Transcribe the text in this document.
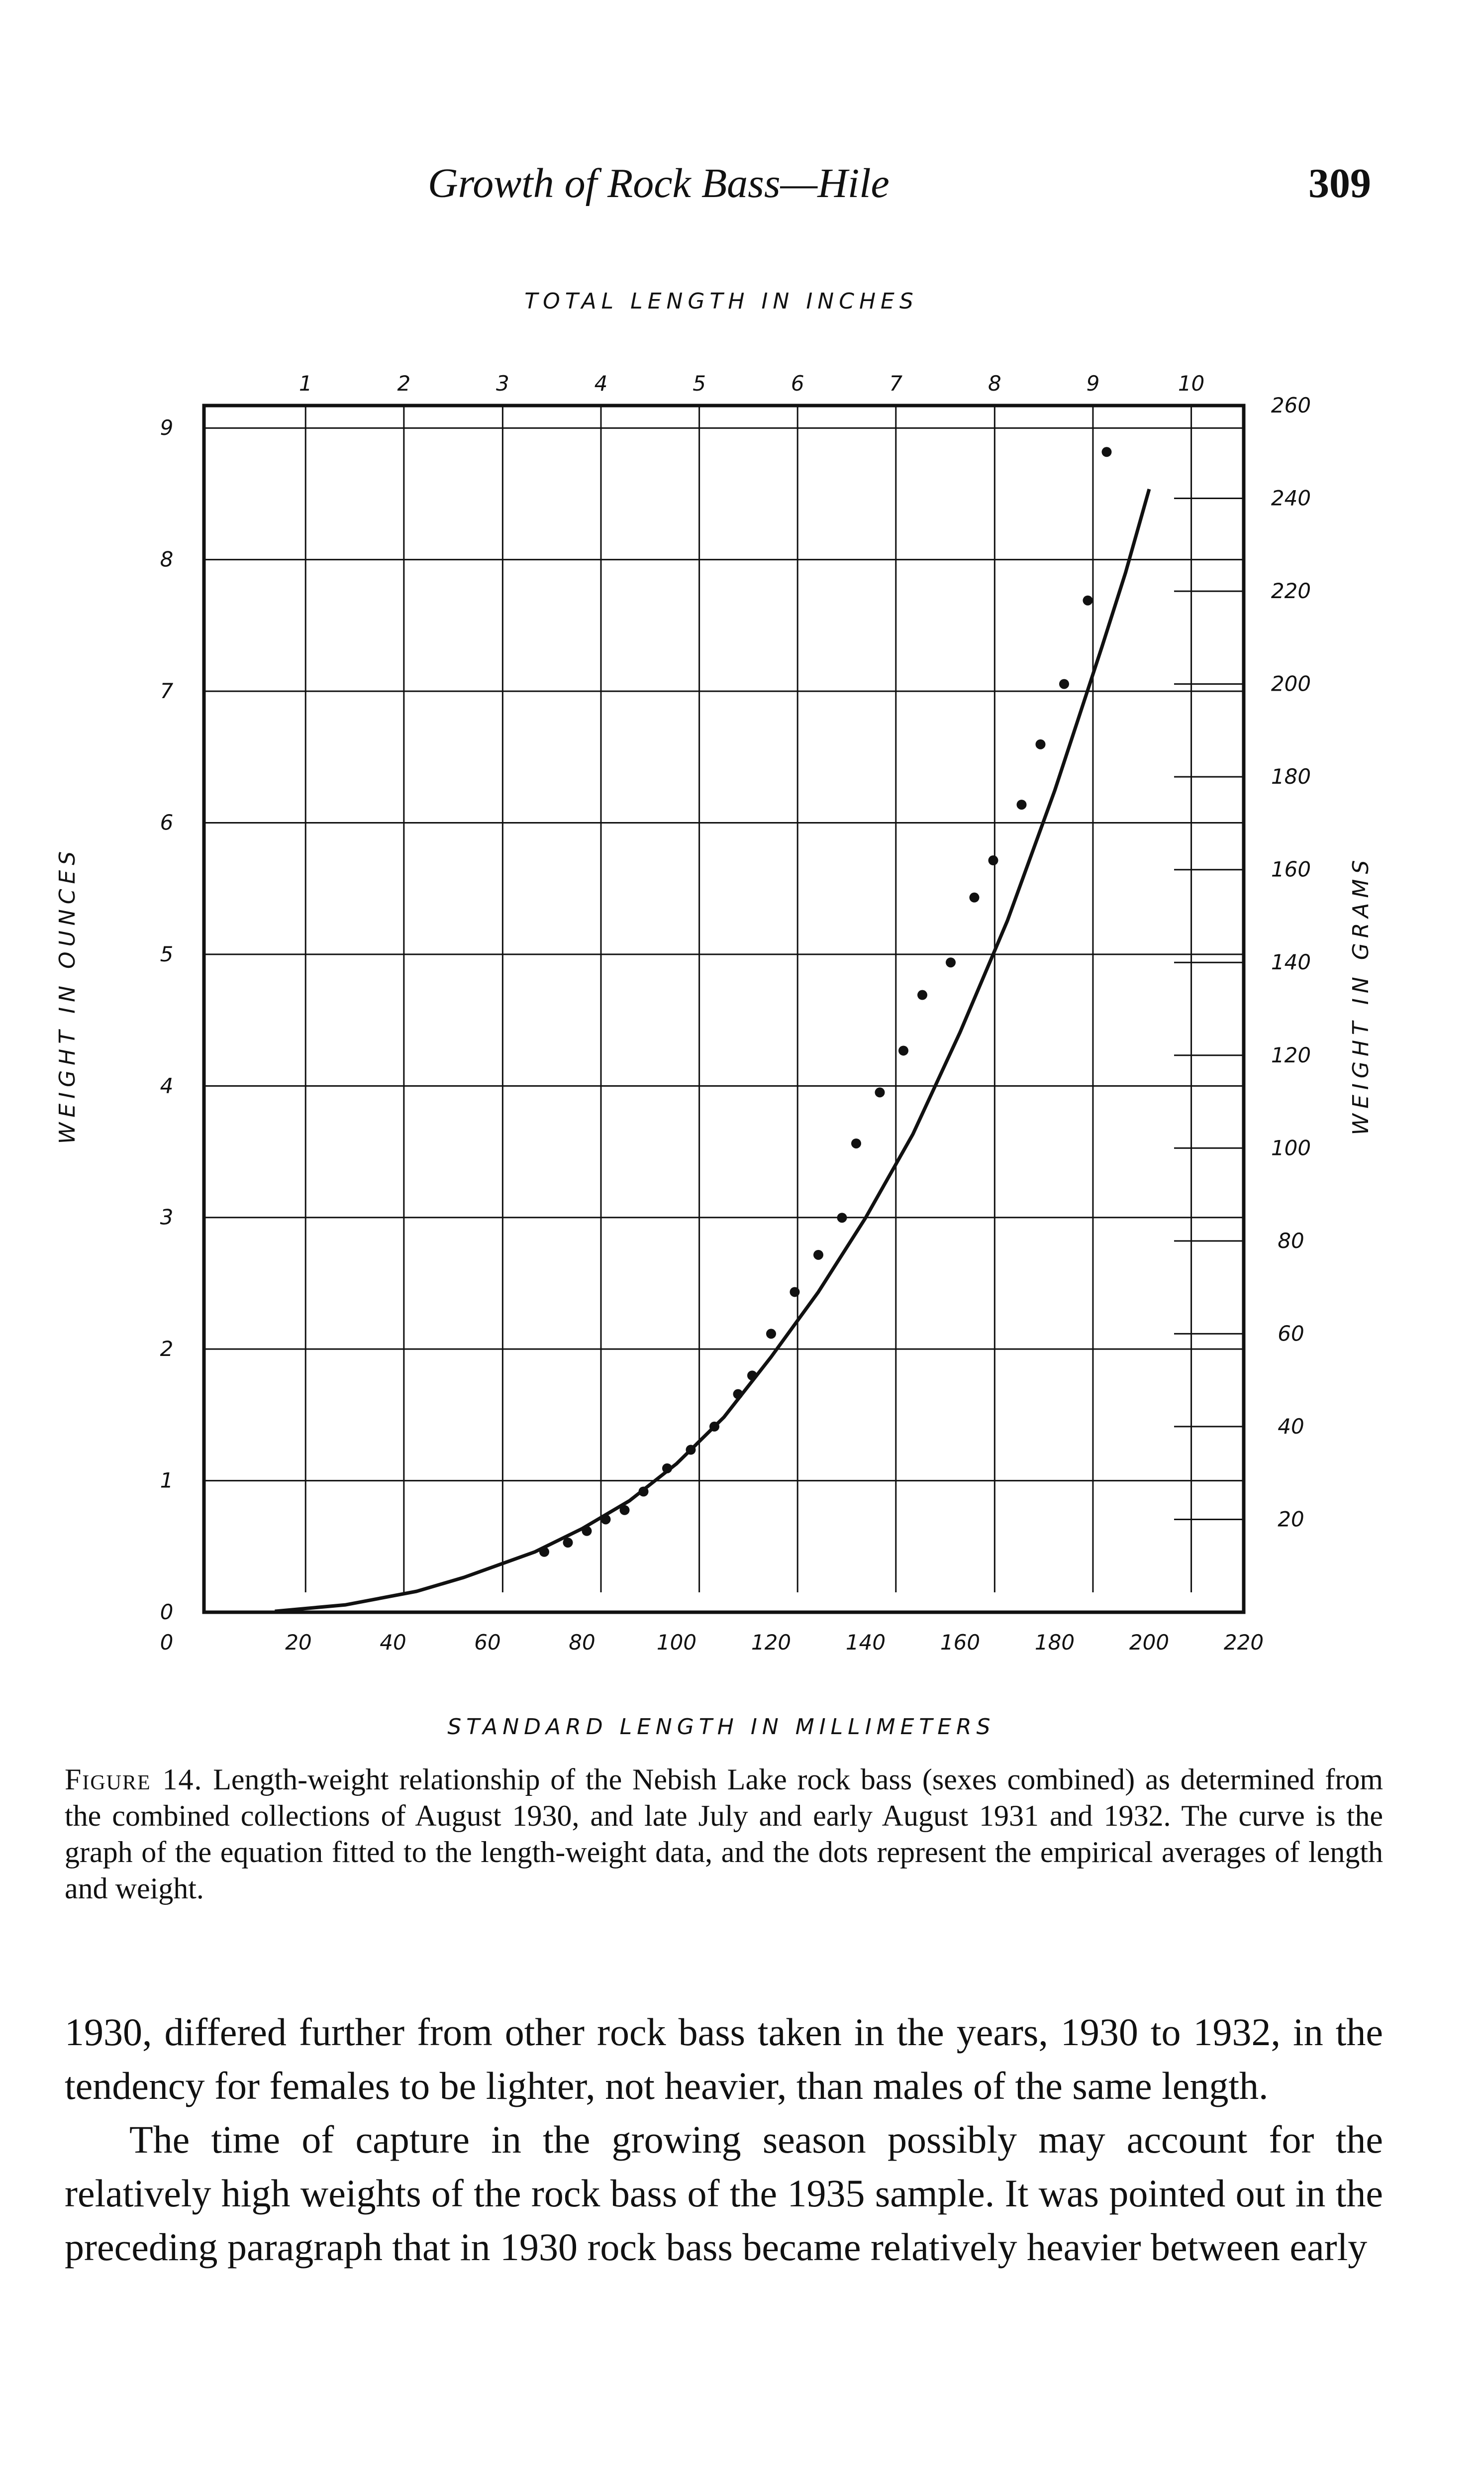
Growth of Rock Bass—Hile	309
1	2	3	4	5	6	7	8	9	10
0
1
2
3
4
5
6
7
8
9
20
40
60
80
100
120
140
160
180
200
220
240
260
0	20	40	60	80	100	120	140	160	180	200	220
TOTAL LENGTH IN INCHES
STANDARD LENGTH IN MILLIMETERS
WEIGHT IN OUNCES	WEIGHT IN GRAMS
Figure 14. Length-weight relationship of the Nebish Lake rock bass (sexes combined) as determined from the combined collections of August 1930, and late July and early August 1931 and 1932. The curve is the graph of the equation fitted to the length-weight data, and the dots represent the empirical averages of length and weight.

1930, differed further from other rock bass taken in the years, 1930 to 1932, in the tendency for females to be lighter, not heavier, than males of the same length.

The time of capture in the growing season possibly may account for the relatively high weights of the rock bass of the 1935 sample. It was pointed out in the preceding paragraph that in 1930 rock bass became relatively heavier between early
